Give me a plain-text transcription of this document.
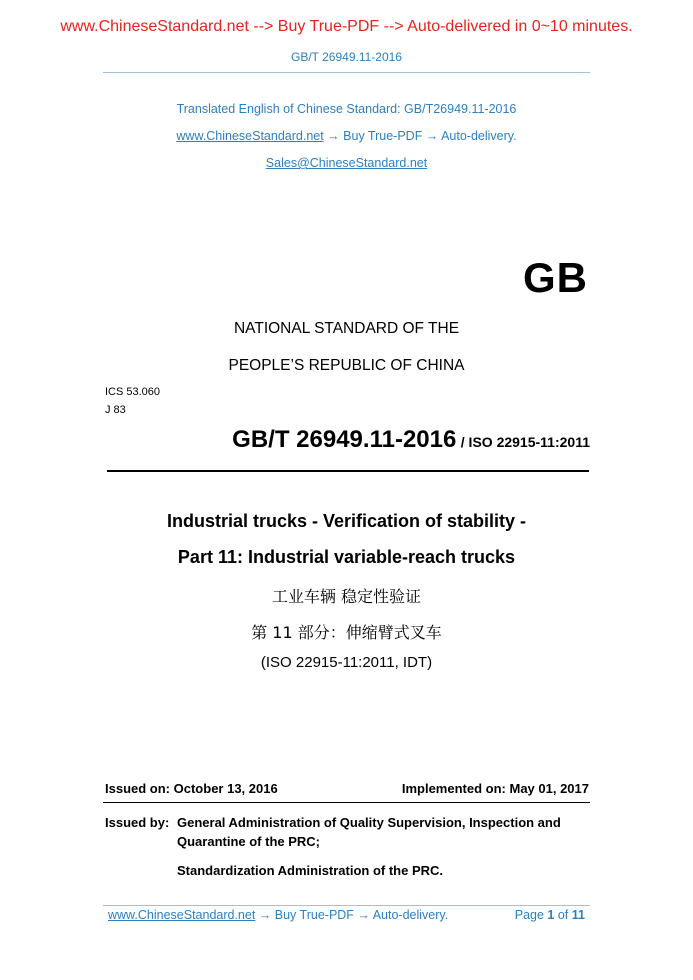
www.ChineseStandard.net --> Buy True-PDF --> Auto-delivered in 0~10 minutes.
GB/T 26949.11-2016
Translated English of Chinese Standard: GB/T26949.11-2016
www.ChineseStandard.net → Buy True-PDF → Auto-delivery.
Sales@ChineseStandard.net
GB
NATIONAL STANDARD OF THE
PEOPLE’S REPUBLIC OF CHINA
ICS 53.060
J 83
GB/T 26949.11-2016 / ISO 22915-11:2011
Industrial trucks - Verification of stability -
Part 11: Industrial variable-reach trucks
工业车辆 稳定性验证
第 11 部分：伸缩臂式叉车
(ISO 22915-11:2011, IDT)
Issued on: October 13, 2016	Implemented on: May 01, 2017
Issued by: General Administration of Quality Supervision, Inspection and
Quarantine of the PRC;
Standardization Administration of the PRC.
www.ChineseStandard.net → Buy True-PDF → Auto-delivery.	Page 1 of 11
